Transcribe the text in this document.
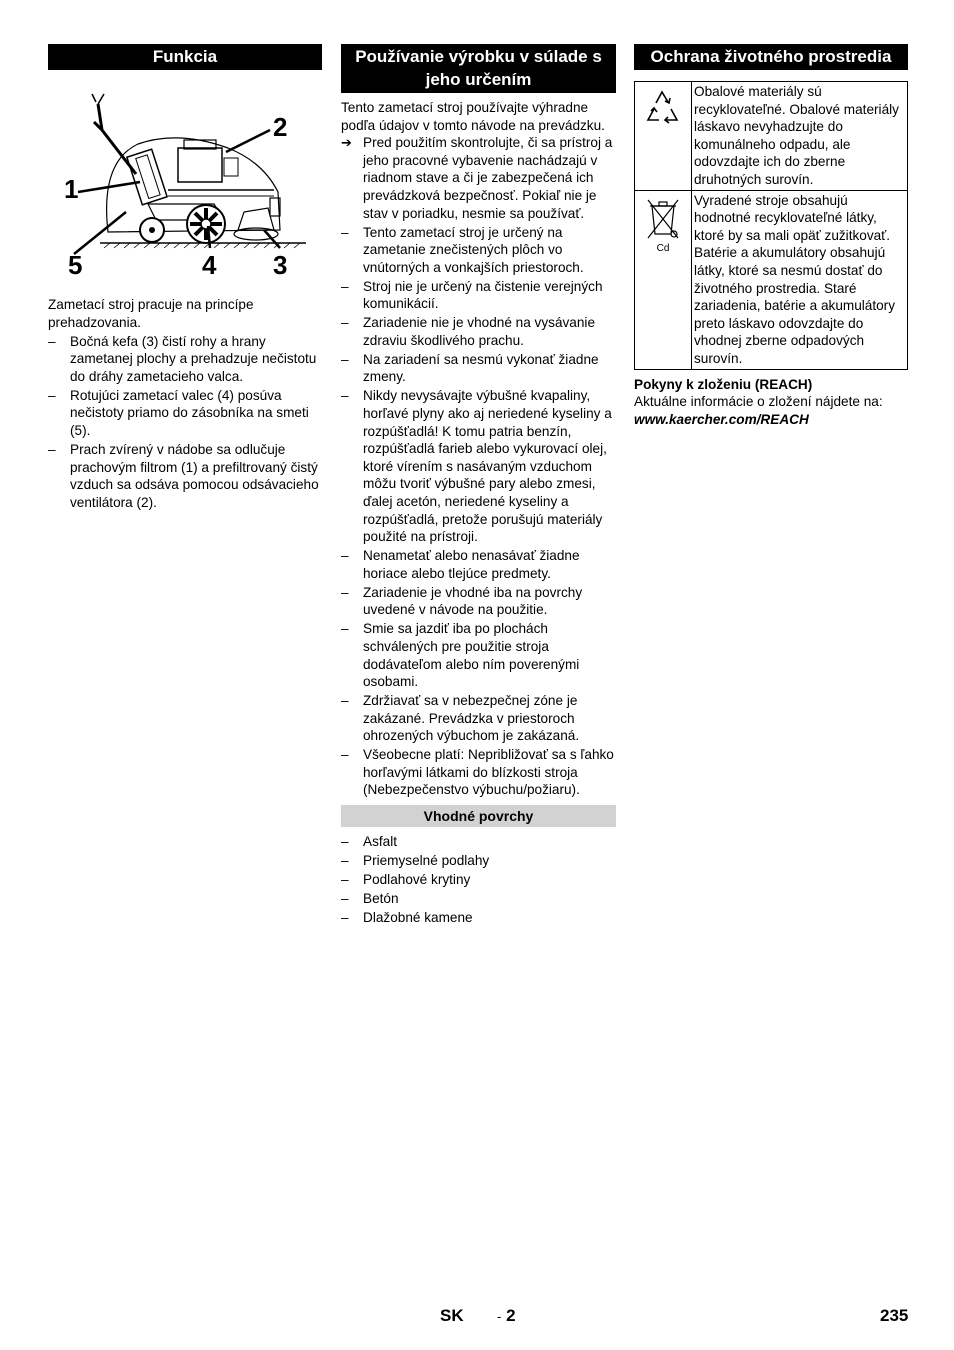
Funkcia
1
2
3
4
5

Zametací stroj pracuje na princípe prehadzovania.

– Bočná kefa (3) čistí rohy a hrany zametanej plochy a prehadzuje nečistotu do dráhy zametacieho valca.
– Rotujúci zametací valec (4) posúva nečistoty priamo do zásobníka na smeti (5).
– Prach zvírený v nádobe sa odlučuje prachovým filtrom (1) a prefiltrovaný čistý vzduch sa odsáva pomocou odsávacieho ventilátora (2).
Používanie výrobku v súlade s jeho určením

Tento zametací stroj používajte výhradne podľa údajov v tomto návode na prevádzku.

➔ Pred použitím skontrolujte, či sa prístroj a jeho pracovné vybavenie nachádzajú v riadnom stave a či je zabezpečená ich prevádzková bezpečnosť. Pokiaľ nie je stav v poriadku, nesmie sa používať.
– Tento zametací stroj je určený na zametanie znečistených plôch vo vnútorných a vonkajších priestoroch.
– Stroj nie je určený na čistenie verejných komunikácií.
– Zariadenie nie je vhodné na vysávanie zdraviu škodlivého prachu.
– Na zariadení sa nesmú vykonať žiadne zmeny.
– Nikdy nevysávajte výbušné kvapaliny, horľavé plyny ako aj neriedené kyseliny a rozpúšťadlá! K tomu patria benzín, rozpúšťadlá farieb alebo vykurovací olej, ktoré vírením s nasávaným vzduchom môžu tvoriť výbušné pary alebo zmesi, ďalej acetón, neriedené kyseliny a rozpúšťadlá, pretože porušujú materiály použité na prístroji.
– Nenametať alebo nenasávať žiadne horiace alebo tlejúce predmety.
– Zariadenie je vhodné iba na povrchy uvedené v návode na použitie.
– Smie sa jazdiť iba po plochách schválených pre použitie stroja dodávateľom alebo ním poverenými osobami.
– Zdržiavať sa v nebezpečnej zóne je zakázané. Prevádzka v priestoroch ohrozených výbuchom je zakázaná.
– Všeobecne platí: Nepribližovať sa s ľahko horľavými látkami do blízkosti stroja (Nebezpečenstvo výbuchu/požiaru).
Vhodné povrchy
– Asfalt
– Priemyselné podlahy
– Podlahové krytiny
– Betón
– Dlažobné kamene
Ochrana životného prostredia
	Obalové materiály sú recyklovateľné. Obalové materiály láskavo nevyhadzujte do komunálneho odpadu, ale odovzdajte ich do zberne druhotných surovín.

Cd	Vyradené stroje obsahujú hodnotné recyklovateľné látky, ktoré by sa mali opäť zužitkovať. Batérie a akumulátory obsahujú látky, ktoré sa nesmú dostať do životného prostredia. Staré zariadenia, batérie a akumulátory preto láskavo odovzdajte do vhodnej zberne odpadových surovín.
Pokyny k zloženiu (REACH)

Aktuálne informácie o zložení nájdete na:

www.kaercher.com/REACH
SK	- 2	235
